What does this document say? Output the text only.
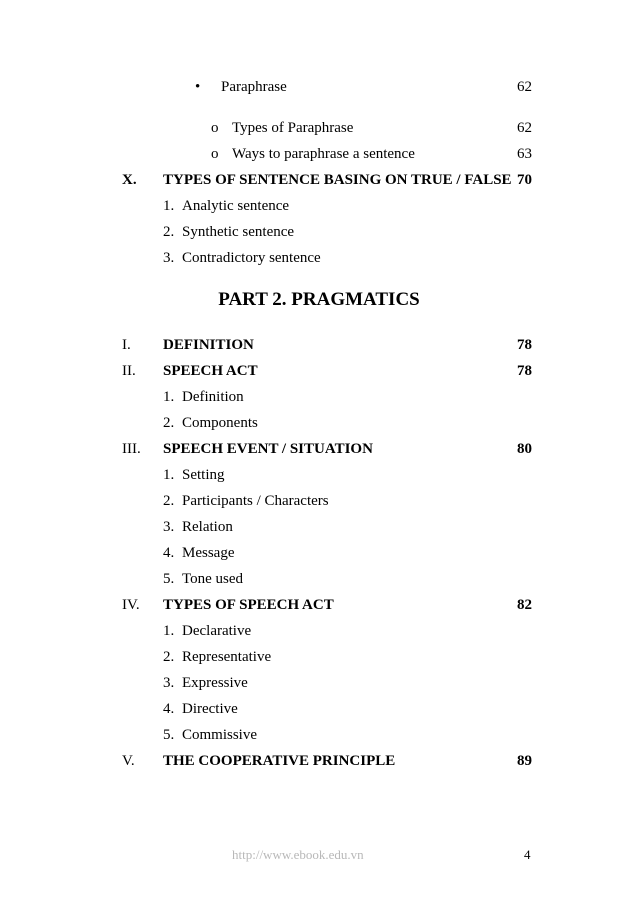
• Paraphrase	62
o Types of Paraphrase	62
o Ways to paraphrase a sentence	63
X. TYPES OF SENTENCE BASING ON TRUE / FALSE 70
1. Analytic sentence
2. Synthetic sentence
3. Contradictory sentence
PART 2. PRAGMATICS
I. DEFINITION	78
II. SPEECH ACT	78
1. Definition
2. Components
III. SPEECH EVENT / SITUATION	80
1. Setting
2. Participants / Characters
3. Relation
4. Message
5. Tone used
IV. TYPES OF SPEECH ACT	82
1. Declarative
2. Representative
3. Expressive
4. Directive
5. Commissive
V. THE COOPERATIVE PRINCIPLE	89
http://www.ebook.edu.vn	4
